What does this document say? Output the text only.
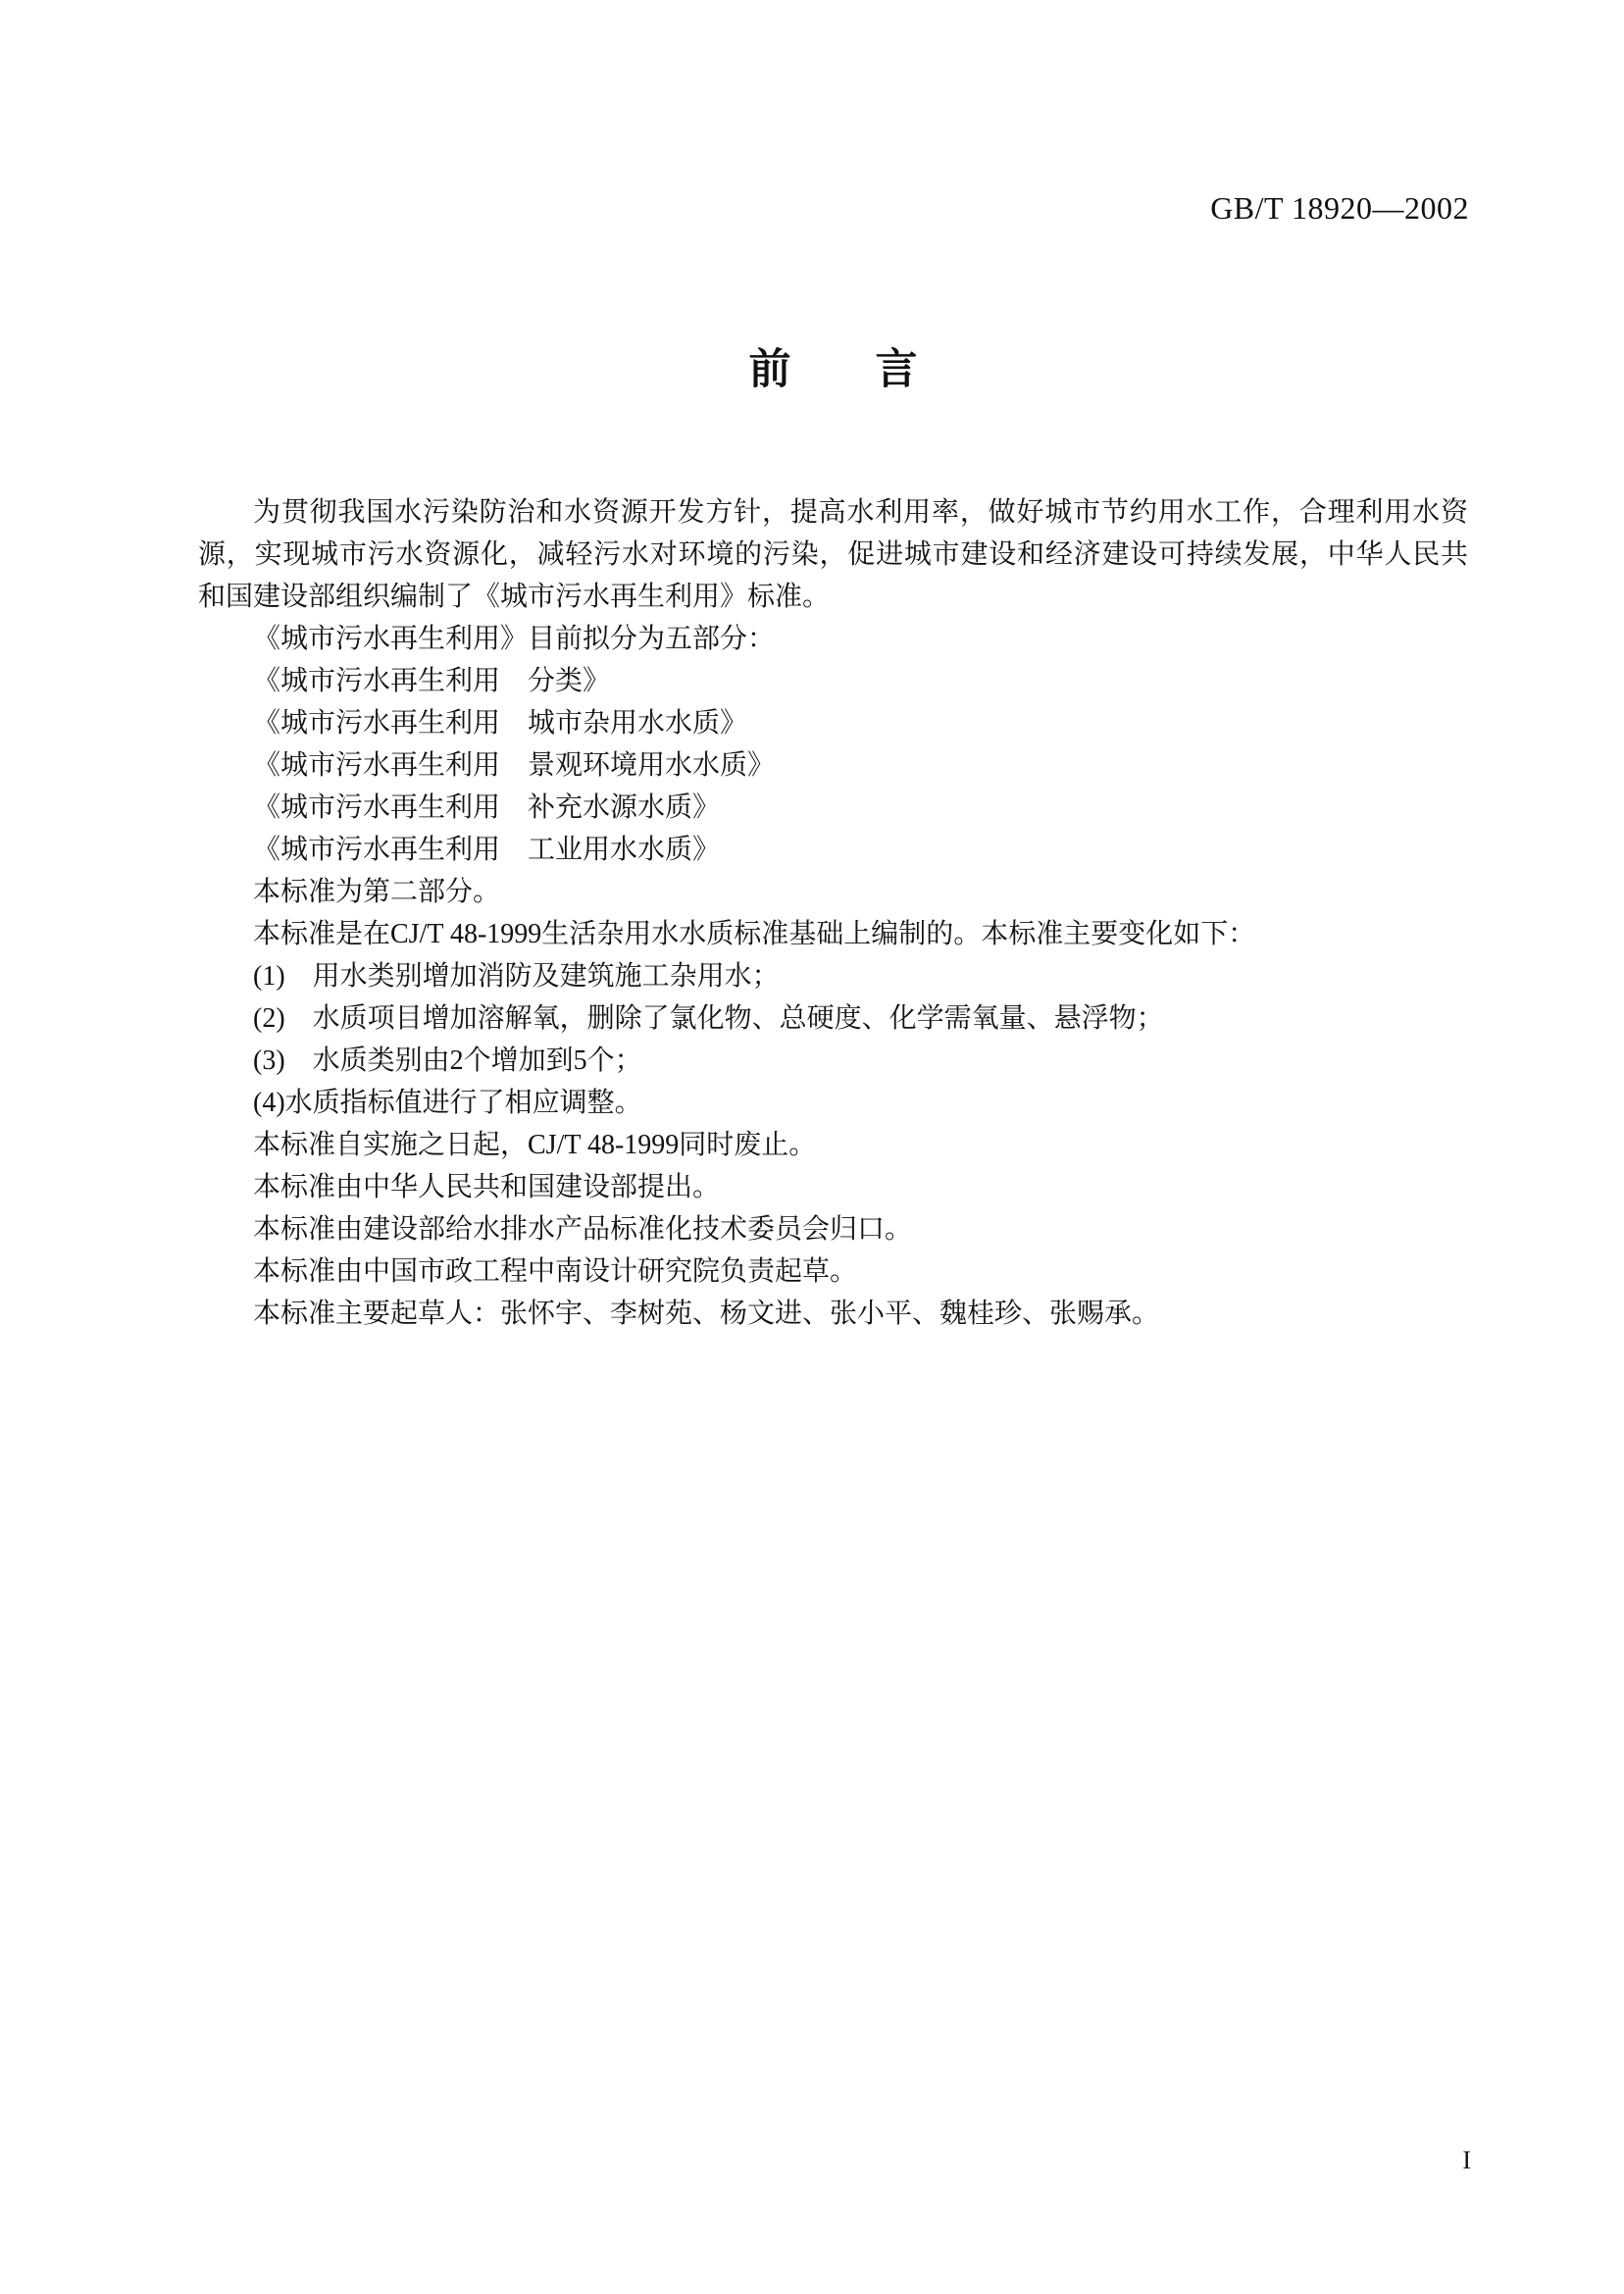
GB/T 18920—2002
前　　言
为贯彻我国水污染防治和水资源开发方针，提高水利用率，做好城市节约用水工作，合理利用水资
源，实现城市污水资源化，减轻污水对环境的污染，促进城市建设和经济建设可持续发展，中华人民共
和国建设部组织编制了《城市污水再生利用》标准。
《城市污水再生利用》目前拟分为五部分：
《城市污水再生利用　分类》
《城市污水再生利用　城市杂用水水质》
《城市污水再生利用　景观环境用水水质》
《城市污水再生利用　补充水源水质》
《城市污水再生利用　工业用水水质》
本标准为第二部分。
本标准是在CJ/T 48-1999生活杂用水水质标准基础上编制的。本标准主要变化如下：
(1)　用水类别增加消防及建筑施工杂用水；
(2)　水质项目增加溶解氧，删除了氯化物、总硬度、化学需氧量、悬浮物；
(3)　水质类别由2个增加到5个；
(4)水质指标值进行了相应调整。
本标准自实施之日起，CJ/T 48-1999同时废止。
本标准由中华人民共和国建设部提出。
本标准由建设部给水排水产品标准化技术委员会归口。
本标准由中国市政工程中南设计研究院负责起草。
本标准主要起草人：张怀宇、李树苑、杨文进、张小平、魏桂珍、张赐承。
I
